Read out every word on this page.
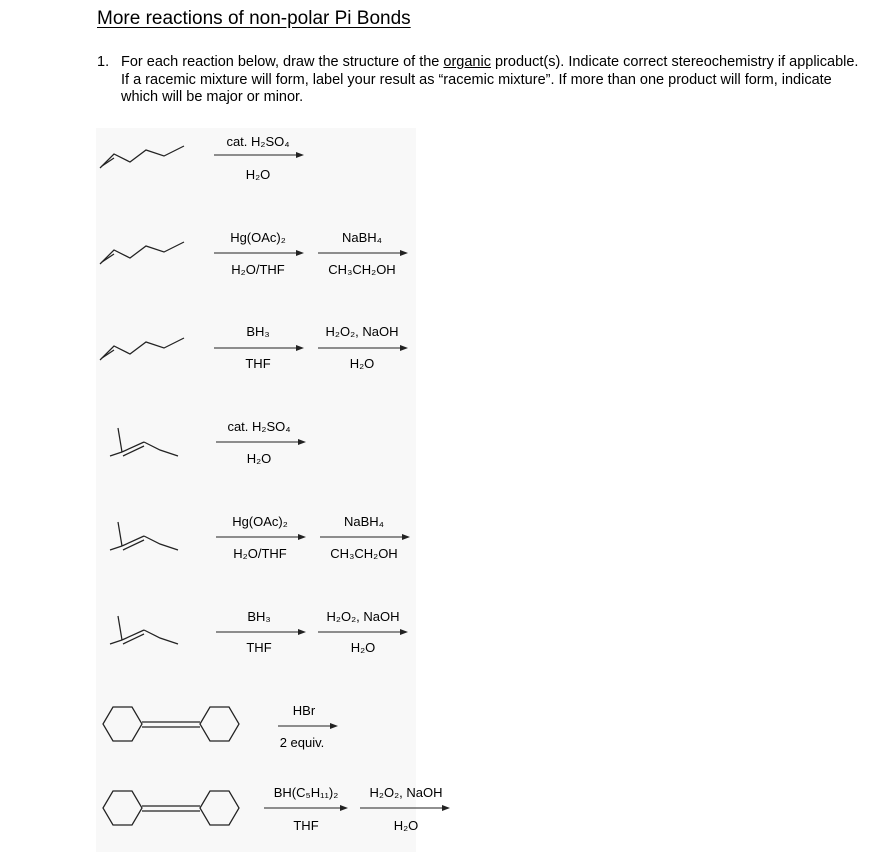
More reactions of non-polar Pi Bonds
1. For each reaction below, draw the structure of the organic product(s). Indicate correct stereochemistry if applicable. If a racemic mixture will form, label your result as “racemic mixture”. If more than one product will form, indicate which will be major or minor.
cat. H₂SO₄
H₂O
Hg(OAc)₂
H₂O/THF
NaBH₄
CH₃CH₂OH
BH₃
THF
H₂O₂, NaOH
H₂O
cat. H₂SO₄
H₂O
Hg(OAc)₂
H₂O/THF
NaBH₄
CH₃CH₂OH
BH₃
THF
H₂O₂, NaOH
H₂O
HBr
2 equiv.
BH(C₅H₁₁)₂
THF
H₂O₂, NaOH
H₂O
